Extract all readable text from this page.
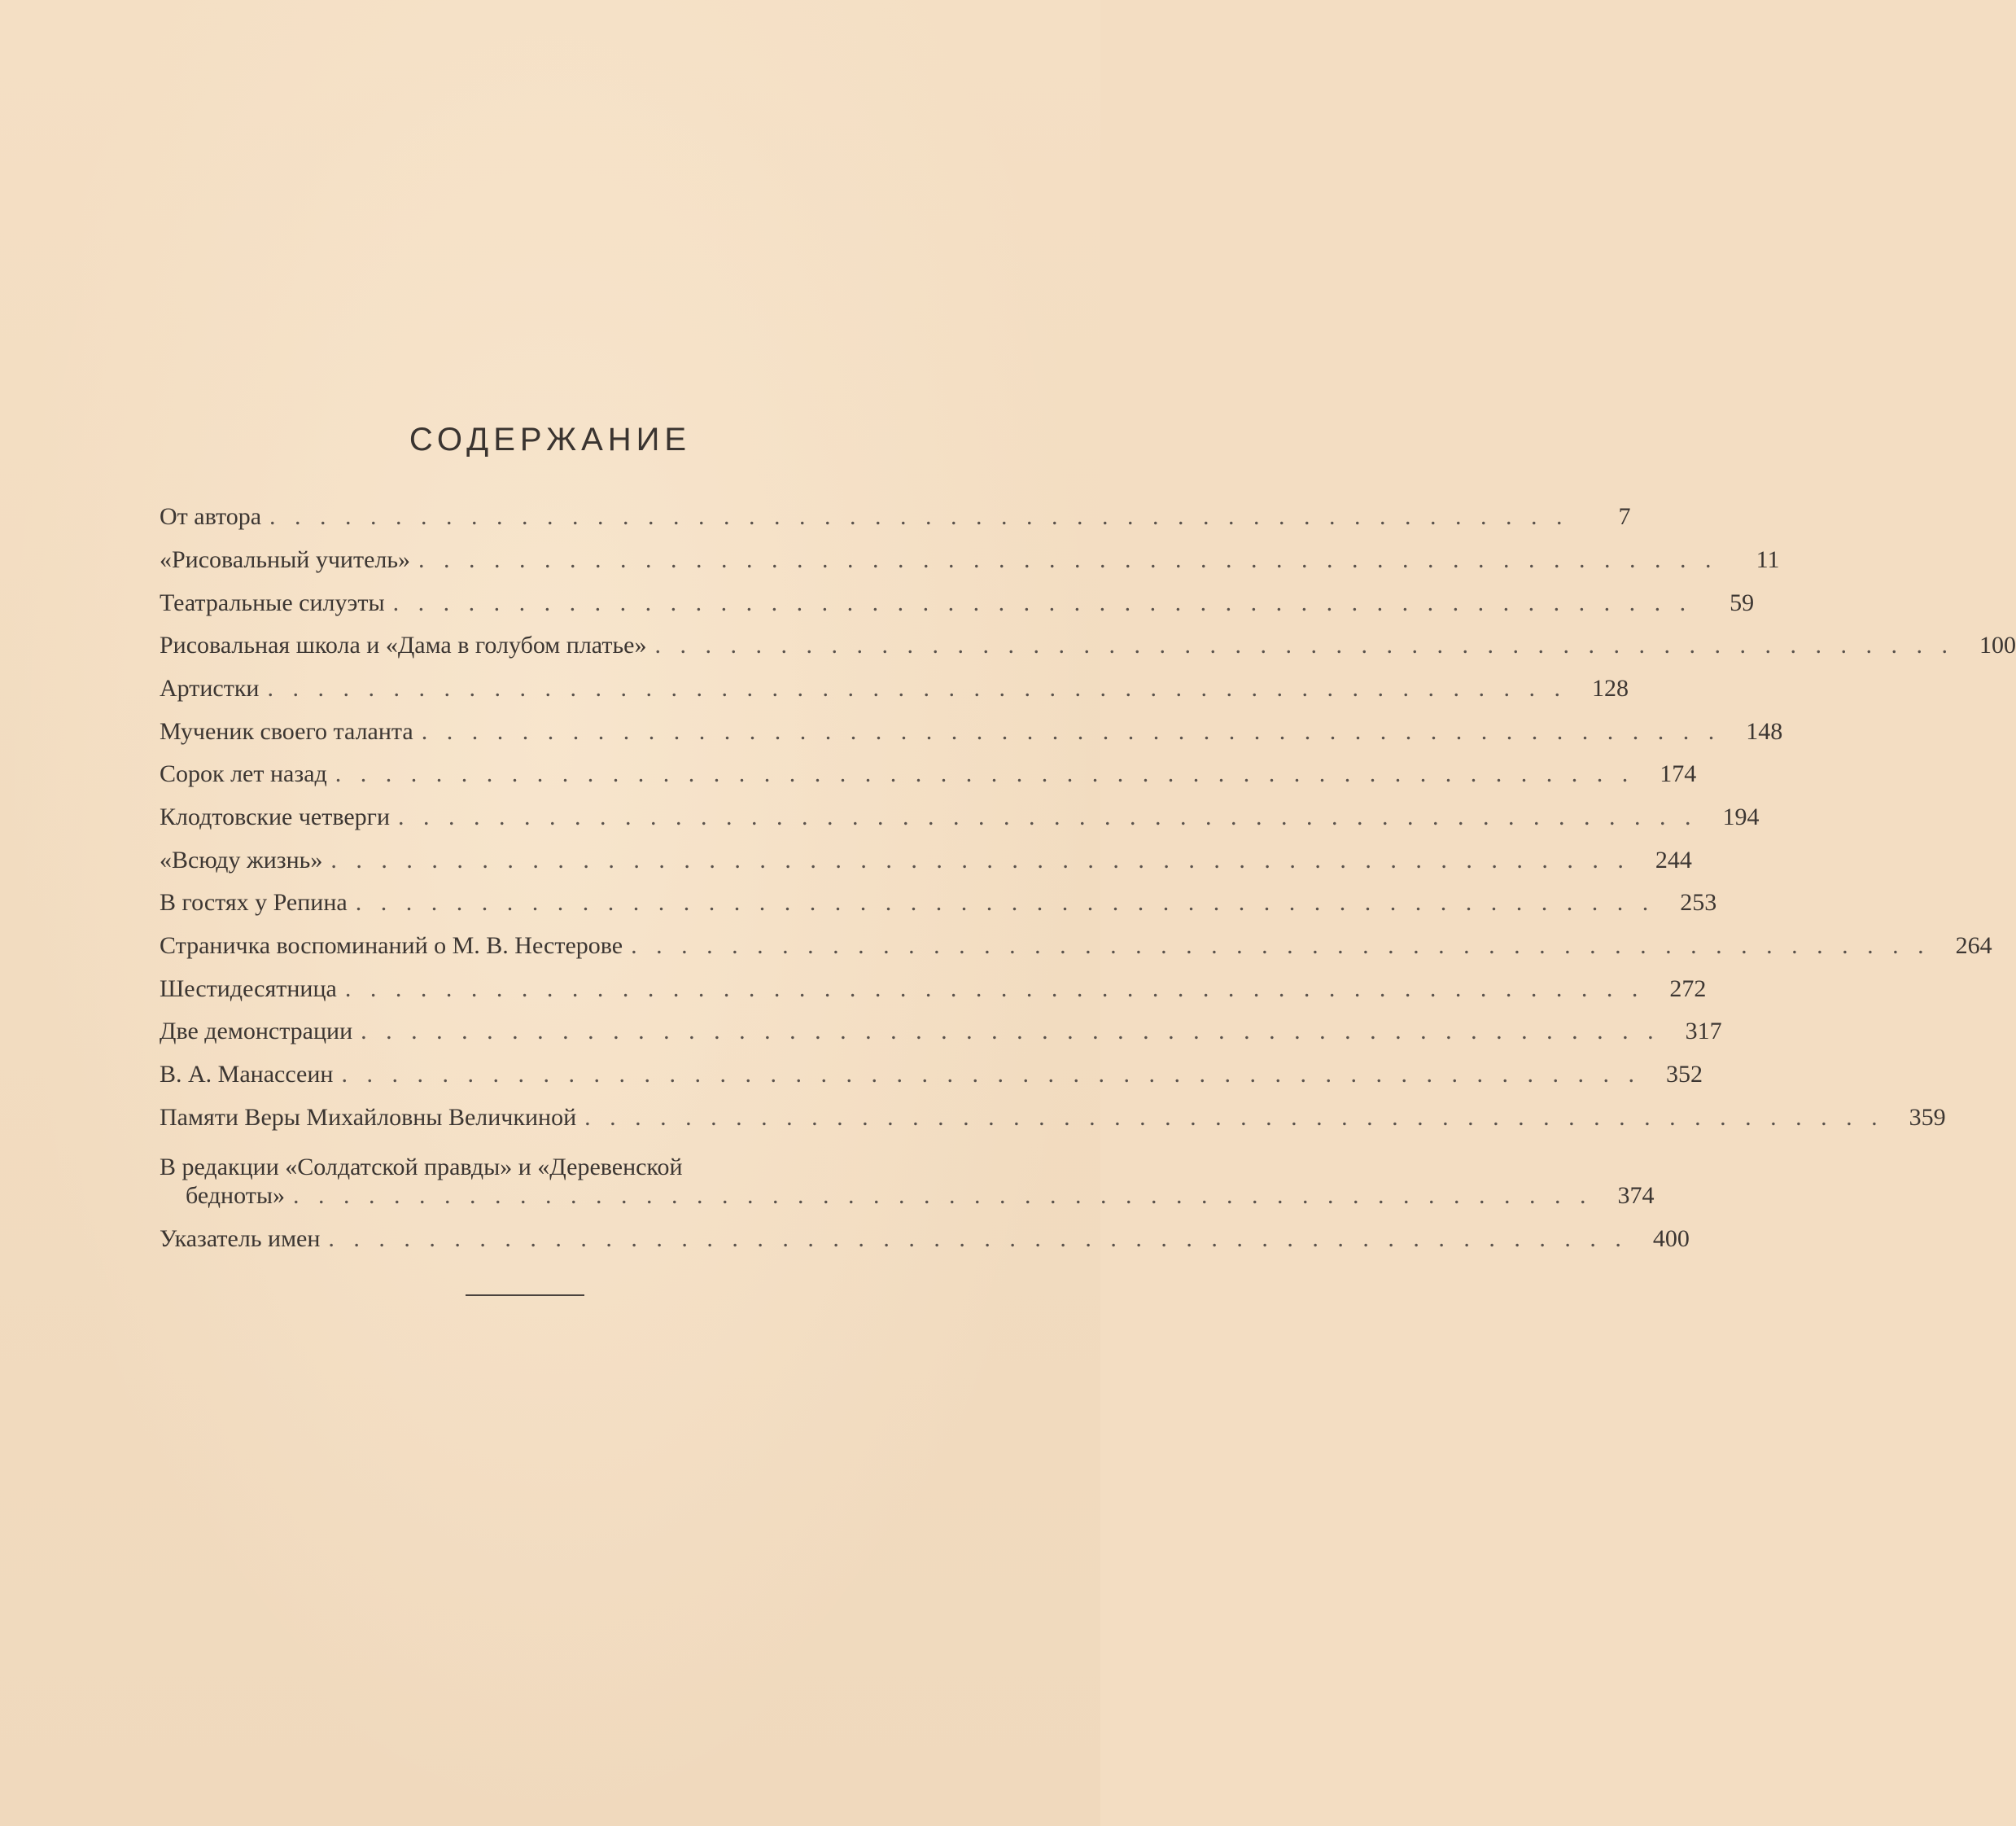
СОДЕРЖАНИЕ
От автора . . .	7
«Рисовальный учитель» . . .	11
Театральные силуэты . . .	59
Рисовальная школа и «Дама в голубом платье» . . .	100
Артистки . . .	128
Мученик своего таланта . . .	148
Сорок лет назад . . .	174
Клодтовские четверги . . .	194
«Всюду жизнь» . . .	244
В гостях у Репина . . .	253
Страничка воспоминаний о М. В. Нестерове . . .	264
Шестидесятница . . .	272
Две демонстрации . . .	317
В. А. Манассеин . . .	352
Памяти Веры Михайловны Величкиной . . .	359
В редакции «Солдатской правды» и «Деревенской
бедноты» . . .	374
Указатель имен . . .	400
